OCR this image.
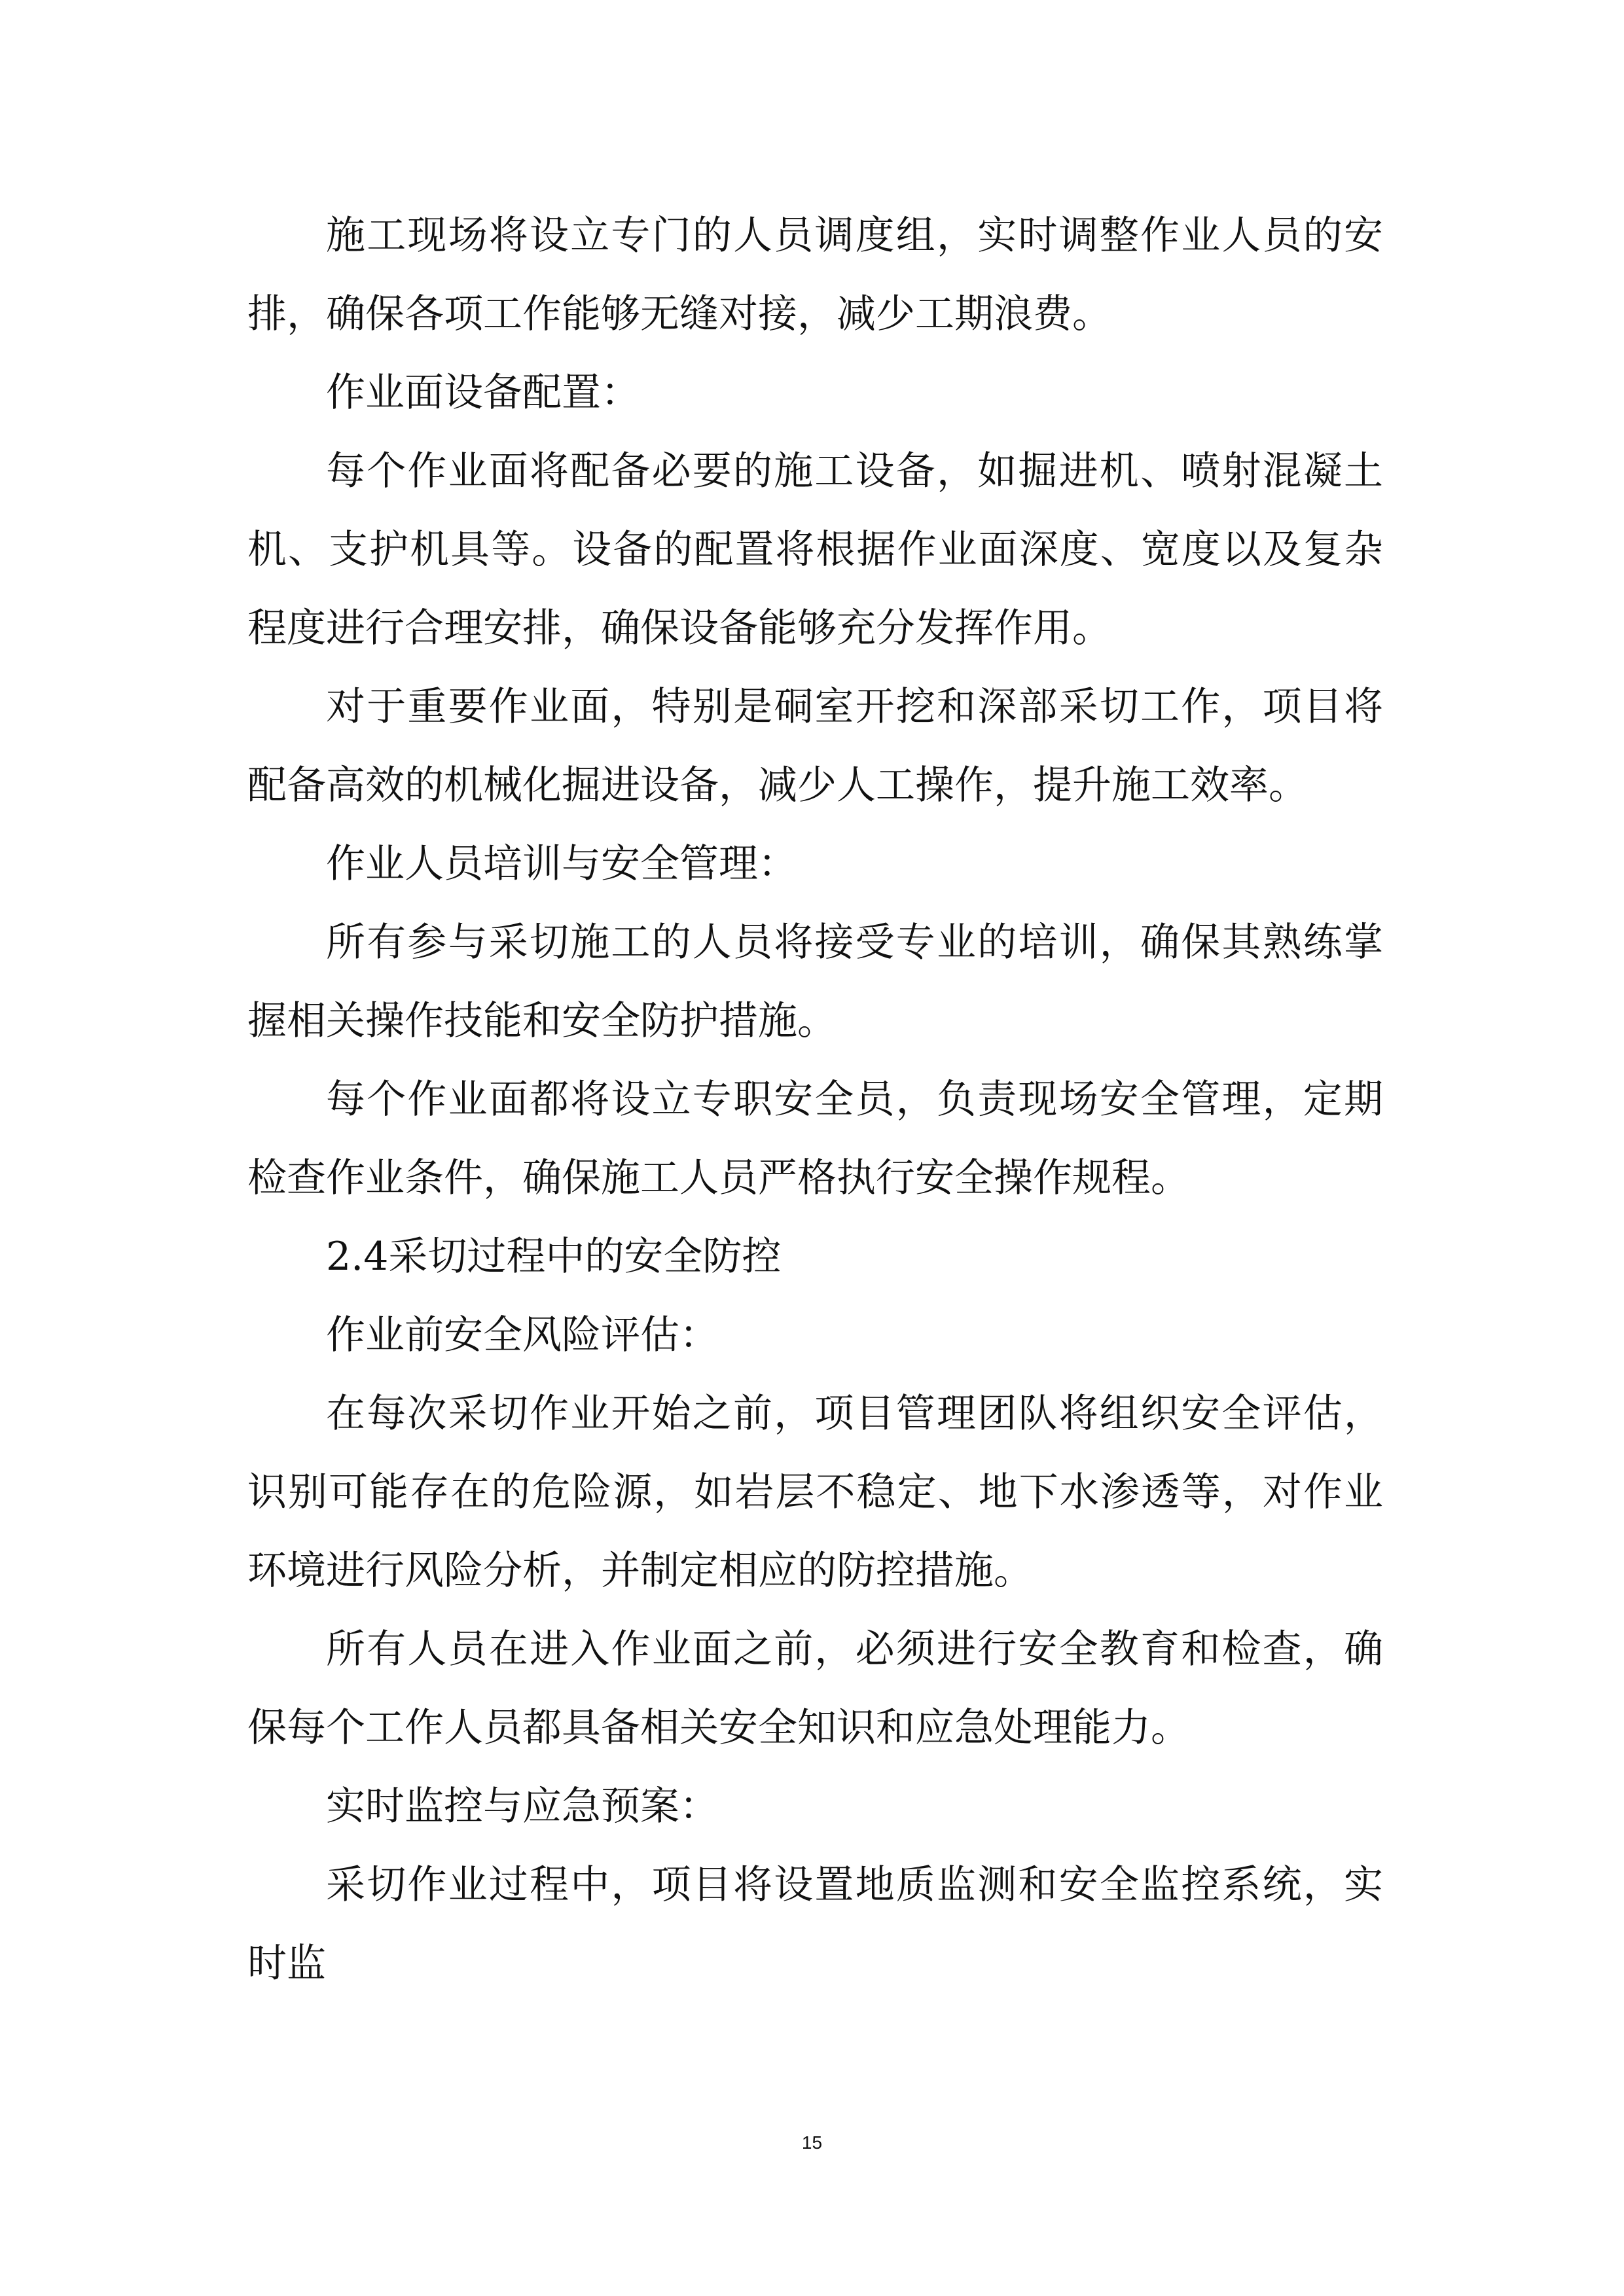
施工现场将设立专门的人员调度组，实时调整作业人员的安排，确保各项工作能够无缝对接，减少工期浪费。

作业面设备配置：

每个作业面将配备必要的施工设备，如掘进机、喷射混凝土机、支护机具等。设备的配置将根据作业面深度、宽度以及复杂程度进行合理安排，确保设备能够充分发挥作用。

对于重要作业面，特别是硐室开挖和深部采切工作，项目将配备高效的机械化掘进设备，减少人工操作，提升施工效率。

作业人员培训与安全管理：

所有参与采切施工的人员将接受专业的培训，确保其熟练掌握相关操作技能和安全防护措施。

每个作业面都将设立专职安全员，负责现场安全管理，定期检查作业条件，确保施工人员严格执行安全操作规程。

2.4采切过程中的安全防控

作业前安全风险评估：

在每次采切作业开始之前，项目管理团队将组织安全评估，识别可能存在的危险源，如岩层不稳定、地下水渗透等，对作业环境进行风险分析，并制定相应的防控措施。

所有人员在进入作业面之前，必须进行安全教育和检查，确保每个工作人员都具备相关安全知识和应急处理能力。

实时监控与应急预案：

采切作业过程中，项目将设置地质监测和安全监控系统，实时监

15
